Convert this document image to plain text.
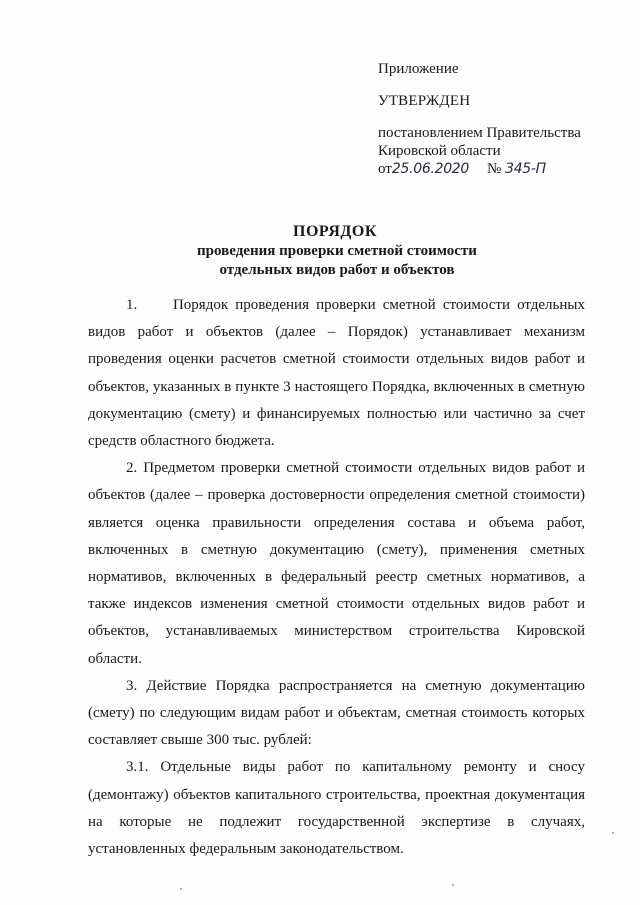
Приложение
УТВЕРЖДЕН
постановлением Правительства
Кировской области
от25.06.2020 № 345-П
ПОРЯДОК
проведения проверки сметной стоимости
отдельных видов работ и объектов

1.     Порядок проведения проверки сметной стоимости отдельных видов работ и объектов (далее – Порядок) устанавливает механизм проведения оценки расчетов сметной стоимости отдельных видов работ и объектов, указанных в пункте 3 настоящего Порядка, включенных в сметную документацию (смету) и финансируемых полностью или частично за счет средств областного бюджета.

2. Предметом проверки сметной стоимости отдельных видов работ и объектов (далее – проверка достоверности определения сметной стоимости) является оценка правильности определения состава и объема работ, включенных в сметную документацию (смету), применения сметных нормативов, включенных в федеральный реестр сметных нормативов, а также индексов изменения сметной стоимости отдельных видов работ и объектов, устанавливаемых министерством строительства Кировской области.

3. Действие Порядка распространяется на сметную документацию (смету) по следующим видам работ и объектам, сметная стоимость которых составляет свыше 300 тыс. рублей:

3.1. Отдельные виды работ по капитальному ремонту и сносу (демонтажу) объектов капитального строительства, проектная документация на которые не подлежит государственной экспертизе в случаях, установленных федеральным законодательством.
